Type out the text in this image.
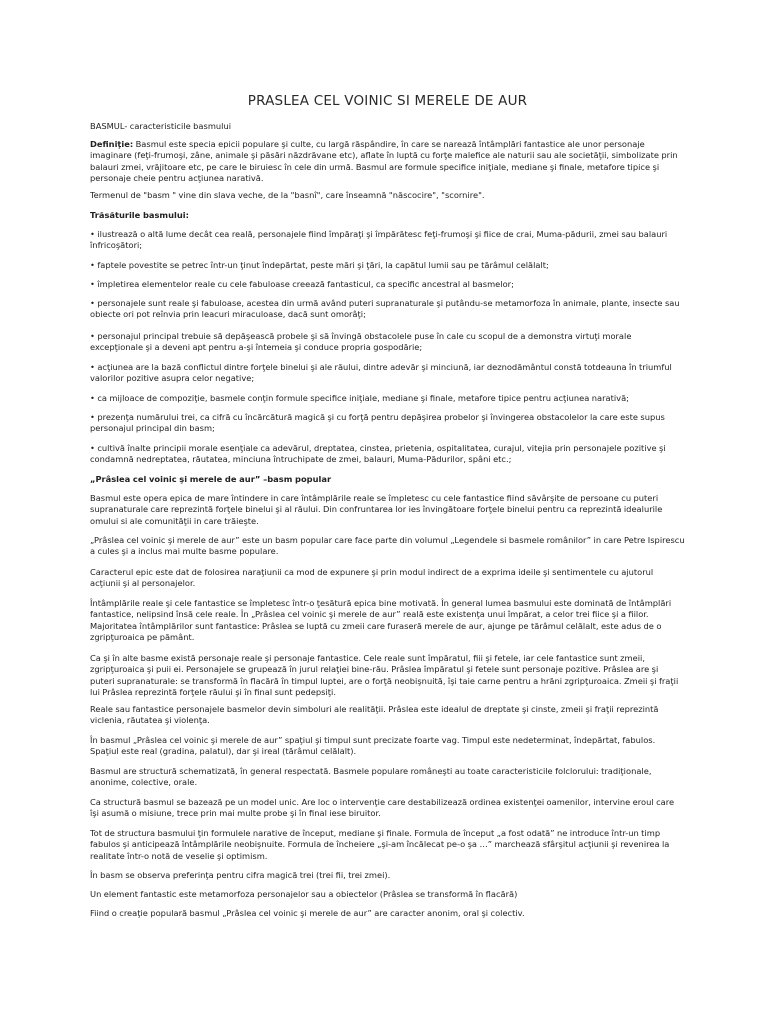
PRASLEA CEL VOINIC SI MERELE DE AUR

BASMUL- caracteristicile basmului

Definiţie: Basmul este specia epicii populare şi culte, cu largă răspândire, în care se narează întâmplări fantastice ale unor personaje imaginare (feţi-frumoşi, zâne, animale şi păsări năzdrăvane etc), aflate în luptă cu forţe malefice ale naturii sau ale societăţii, simbolizate prin balauri zmei, vrăjitoare etc, pe care le biruiesc în cele din urmă. Basmul are formule specifice iniţiale, mediane şi finale, metafore tipice şi personaje cheie pentru acţiunea narativă.

Termenul de "basm " vine din slava veche, de la "basnî", care înseamnă "născocire", "scornire".

Trăsăturile basmului:

• ilustrează o altă lume decât cea reală, personajele fiind împăraţi şi împărătesc feţi-frumoşi şi fiice de crai, Muma-pădurii, zmei sau balauri înfricoşători;

• faptele povestite se petrec într-un ţinut îndepărtat, peste mări şi ţări, la capătul lumii sau pe tărâmul celălalt;

• împletirea elementelor reale cu cele fabuloase creează fantasticul, ca specific ancestral al basmelor;

• personajele sunt reale şi fabuloase, acestea din urmă având puteri supranaturale şi putându-se metamorfoza în animale, plante, insecte sau obiecte ori pot reînvia prin leacuri miraculoase, dacă sunt omorâţi;

• personajul principal trebuie să depăşească probele şi să învingă obstacolele puse în cale cu scopul de a demonstra virtuţi morale excepţionale şi a deveni apt pentru a-şi întemeia şi conduce propria gospodărie;

• acţiunea are la bază conflictul dintre forţele binelui şi ale răului, dintre adevăr şi minciună, iar deznodământul constă totdeauna în triumful valorilor pozitive asupra celor negative;

• ca mijloace de compoziţie, basmele conţin formule specifice iniţiale, mediane şi finale, metafore tipice pentru acţiunea narativă;

• prezenţa numărului trei, ca cifră cu încărcătură magică şi cu forţă pentru depăşirea probelor şi învingerea obstacolelor la care este supus personajul principal din basm;

• cultivă înalte principii morale esenţiale ca adevărul, dreptatea, cinstea, prietenia, ospitalitatea, curajul, vitejia prin personajele pozitive şi condamnă nedreptatea, răutatea, minciuna întruchipate de zmei, balauri, Muma-Pădurilor, spâni etc.;

„Prâslea cel voinic şi merele de aur” –basm popular

Basmul este opera epica de mare întindere in care întâmplările reale se împletesc cu cele fantastice fiind săvârşite de persoane cu puteri supranaturale care reprezintă forţele binelui şi al răului. Din confruntarea lor ies învingătoare forţele binelui pentru ca reprezintă idealurile omului si ale comunităţii in care trăieşte.

„Prâslea cel voinic şi merele de aur” este un basm popular care face parte din volumul „Legendele si basmele românilor” in care Petre Ispirescu a cules şi a inclus mai multe basme populare.

Caracterul epic este dat de folosirea naraţiunii ca mod de expunere şi prin modul indirect de a exprima ideile şi sentimentele cu ajutorul acţiunii şi al personajelor.

Întâmplările reale şi cele fantastice se împletesc într-o ţesătură epica bine motivată. În general lumea basmului este dominată de întâmplări fantastice, nelipsind însă cele reale. În „Prâslea cel voinic şi merele de aur” reală este existenţa unui împărat, a celor trei fiice şi a fiilor. Majoritatea întâmplărilor sunt fantastice: Prâslea se luptă cu zmeii care furaseră merele de aur, ajunge pe tărâmul celălalt, este adus de o zgripţuroaica pe pământ.

Ca şi în alte basme există personaje reale şi personaje fantastice. Cele reale sunt împăratul, fiii şi fetele, iar cele fantastice sunt zmeii, zgripţuroaica şi puii ei. Personajele se grupează în jurul relaţiei bine-rău. Prâslea împăratul şi fetele sunt personaje pozitive. Prâslea are şi puteri supranaturale: se transformă în flacără în timpul luptei, are o forţă neobişnuită, îşi taie carne pentru a hrăni zgripţuroaica. Zmeii şi fraţii lui Prâslea reprezintă forţele răului şi în final sunt pedepsiţi.

Reale sau fantastice personajele basmelor devin simboluri ale realităţii. Prâslea este idealul de dreptate şi cinste, zmeii şi fraţii reprezintă viclenia, răutatea şi violenţa.

În basmul „Prâslea cel voinic şi merele de aur” spaţiul şi timpul sunt precizate foarte vag. Timpul este nedeterminat, îndepărtat, fabulos. Spaţiul este real (gradina, palatul), dar şi ireal (tărâmul celălalt).

Basmul are structură schematizată, în general respectată. Basmele populare româneşti au toate caracteristicile folclorului: tradiţionale, anonime, colective, orale.

Ca structură basmul se bazează pe un model unic. Are loc o intervenţie care destabilizează ordinea existenţei oamenilor, intervine eroul care îşi asumă o misiune, trece prin mai multe probe şi în final iese biruitor.

Tot de structura basmului ţin formulele narative de început, mediane şi finale. Formula de început „a fost odată” ne introduce într-un timp fabulos şi anticipează întâmplările neobişnuite. Formula de încheiere „şi-am încălecat pe-o şa …” marchează sfârşitul acţiunii şi revenirea la realitate într-o notă de veselie şi optimism.

În basm se observa preferinţa pentru cifra magică trei (trei fii, trei zmei).

Un element fantastic este metamorfoza personajelor sau a obiectelor (Prâslea se transformă în flacără)

Fiind o creaţie populară basmul „Prâslea cel voinic şi merele de aur” are caracter anonim, oral şi colectiv.
